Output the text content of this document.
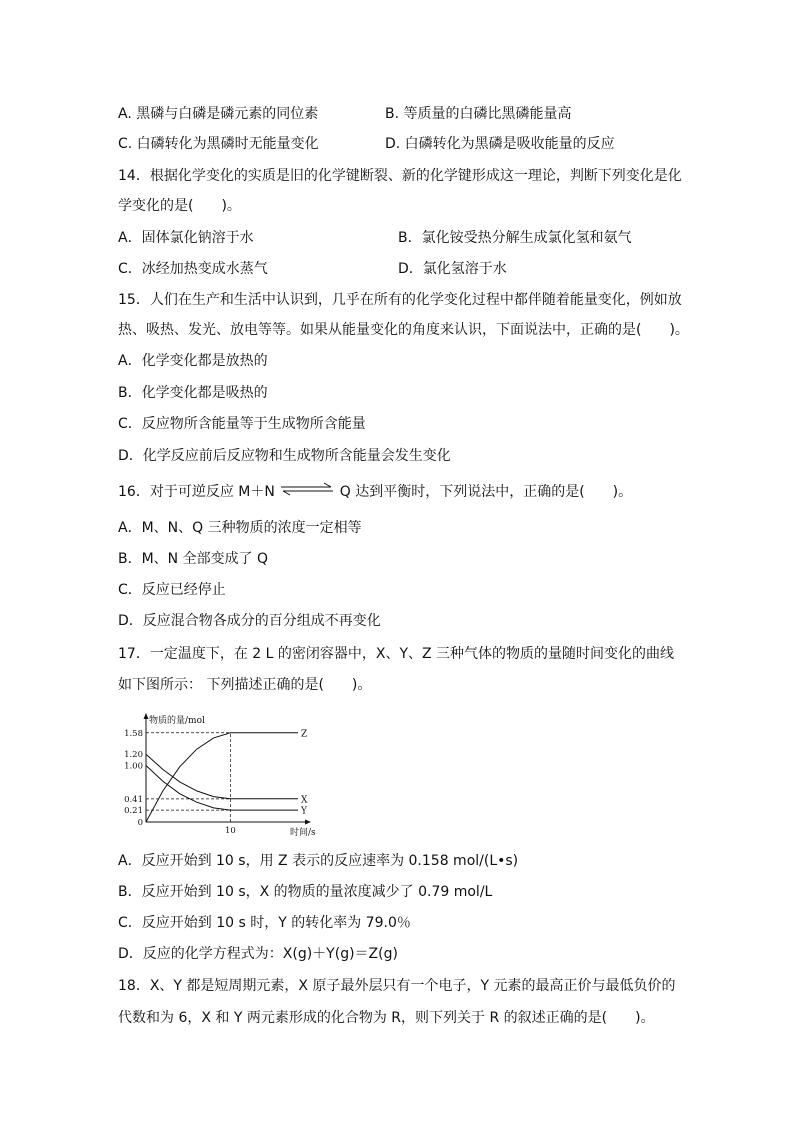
A. 黑磷与白磷是磷元素的同位素	B. 等质量的白磷比黑磷能量高
C. 白磷转化为黑磷时无能量变化	D. 白磷转化为黑磷是吸收能量的反应
14．根据化学变化的实质是旧的化学键断裂、新的化学键形成这一理论，判断下列变化是化
学变化的是(　　)。
A．固体氯化钠溶于水	B．氯化铵受热分解生成氯化氢和氨气
C．冰经加热变成水蒸气	D．氯化氢溶于水
15．人们在生产和生活中认识到，几乎在所有的化学变化过程中都伴随着能量变化，例如放
热、吸热、发光、放电等等。如果从能量变化的角度来认识，下面说法中，正确的是(　　)。
A．化学变化都是放热的
B．化学变化都是吸热的
C．反应物所含能量等于生成物所含能量
D．化学反应前后反应物和生成物所含能量会发生变化
16．对于可逆反应 M＋N ⇌ Q 达到平衡时，下列说法中，正确的是(　　)。
A．M、N、Q 三种物质的浓度一定相等
B．M、N 全部变成了 Q
C．反应已经停止
D．反应混合物各成分的百分组成不再变化
17．一定温度下，在 2 L 的密闭容器中，X、Y、Z 三种气体的物质的量随时间变化的曲线
如下图所示： 下列描述正确的是(　　)。
物质的量/mol
时间/s
1.58
1.20
1.00
0.41
0.21
0
10
Z
X
Y
A．反应开始到 10 s，用 Z 表示的反应速率为 0.158 mol/(L•s)
B．反应开始到 10 s，X 的物质的量浓度减少了 0.79 mol/L
C．反应开始到 10 s 时，Y 的转化率为 79.0％
D．反应的化学方程式为：X(g)＋Y(g)＝Z(g)
18．X、Y 都是短周期元素，X 原子最外层只有一个电子，Y 元素的最高正价与最低负价的
代数和为 6，X 和 Y 两元素形成的化合物为 R，则下列关于 R 的叙述正确的是(　　)。
